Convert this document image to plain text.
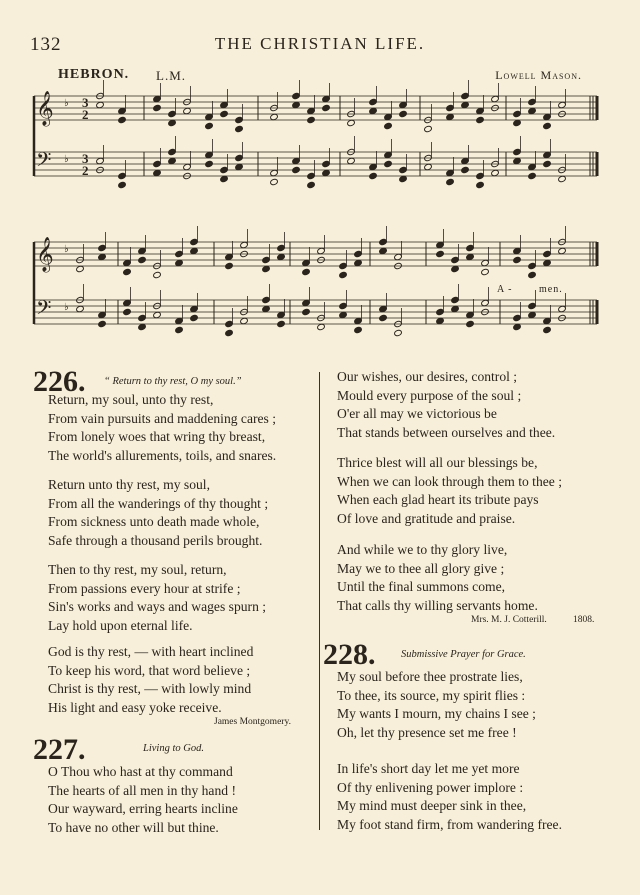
132	THE CHRISTIAN LIFE.
HEBRON. L.M.	Lowell Mason.
𝄞 ♭ 3
2
𝄢 ♭ 3
2
𝄞 ♭
𝄢 ♭
A -	men.
226. “ Return to thy rest, O my soul.”
Return, my soul, unto thy rest,
From vain pursuits and maddening cares ;
From lonely woes that wring thy breast,
The world's allurements, toils, and snares.
Return unto thy rest, my soul,
From all the wanderings of thy thought ;
From sickness unto death made whole,
Safe through a thousand perils brought.
Then to thy rest, my soul, return,
From passions every hour at strife ;
Sin's works and ways and wages spurn ;
Lay hold upon eternal life.
God is thy rest, — with heart inclined
To keep his word, that word believe ;
Christ is thy rest, — with lowly mind
His light and easy yoke receive.
James Montgomery.
227.	Living to God.
O Thou who hast at thy command
The hearts of all men in thy hand !
Our wayward, erring hearts incline
To have no other will but thine.
Our wishes, our desires, control ;
Mould every purpose of the soul ;
O'er all may we victorious be
That stands between ourselves and thee.
Thrice blest will all our blessings be,
When we can look through them to thee ;
When each glad heart its tribute pays
Of love and gratitude and praise.
And while we to thy glory live,
May we to thee all glory give ;
Until the final summons come,
That calls thy willing servants home.
Mrs. M. J. Cotterill.	1808.
228. Submissive Prayer for Grace.
My soul before thee prostrate lies,
To thee, its source, my spirit flies :
My wants I mourn, my chains I see ;
Oh, let thy presence set me free !
In life's short day let me yet more
Of thy enlivening power implore :
My mind must deeper sink in thee,
My foot stand firm, from wandering free.
